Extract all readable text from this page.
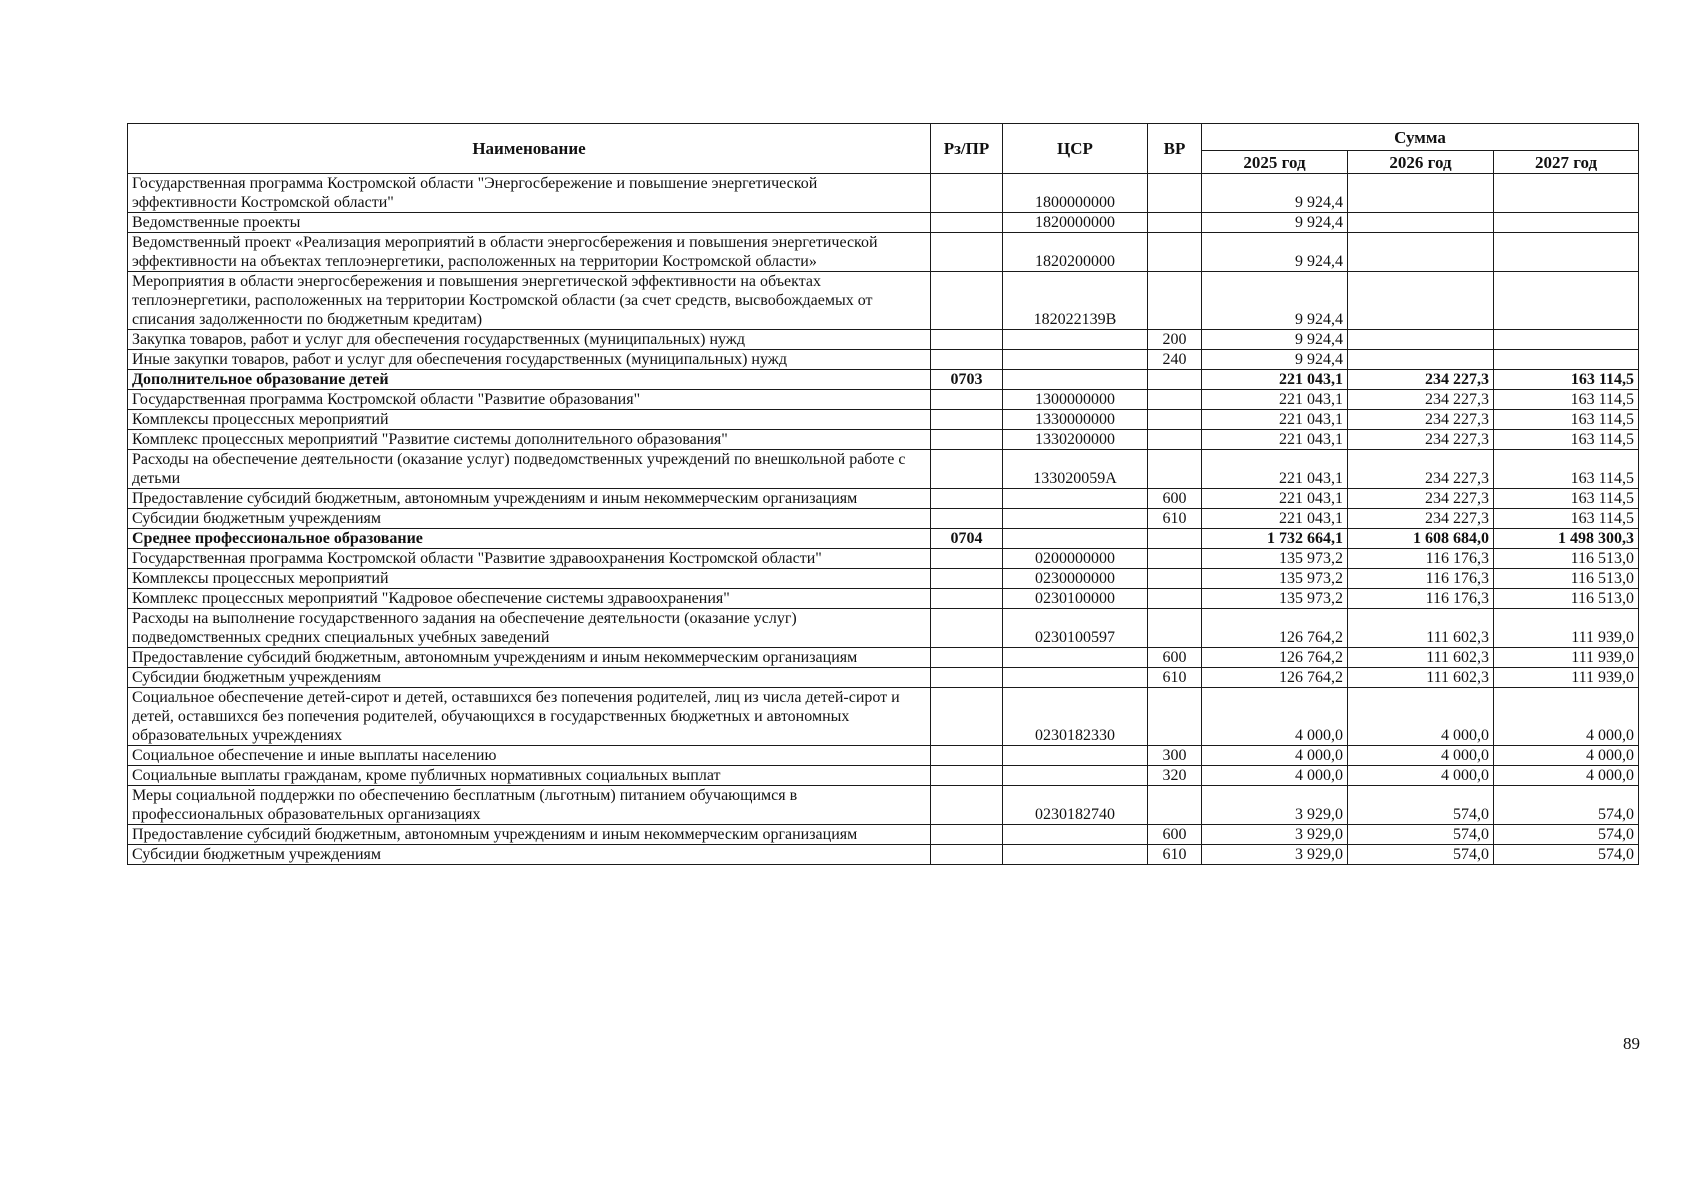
Наименование	Рз/ПР	ЦСР	ВР	Сумма		
				2025 год	2026 год	2027 год
Государственная программа Костромской области "Энергосбережение и повышение энергетической эффективности Костромской области"		1800000000		9 924,4		
Ведомственные проекты		1820000000		9 924,4		
Ведомственный проект «Реализация мероприятий в области энергосбережения и повышения энергетической эффективности на объектах теплоэнергетики, расположенных на территории Костромской области»		1820200000		9 924,4		
Мероприятия в области энергосбережения и повышения энергетической эффективности на объектах теплоэнергетики, расположенных на территории Костромской области (за счет средств, высвобождаемых от списания задолженности по бюджетным кредитам)		182022139В		9 924,4		
Закупка товаров, работ и услуг для обеспечения государственных (муниципальных) нужд			200	9 924,4		
Иные закупки товаров, работ и услуг для обеспечения государственных (муниципальных) нужд			240	9 924,4		
Дополнительное образование детей	0703			221 043,1	234 227,3	163 114,5
Государственная программа Костромской области "Развитие образования"		1300000000		221 043,1	234 227,3	163 114,5
Комплексы процессных мероприятий		1330000000		221 043,1	234 227,3	163 114,5
Комплекс процессных мероприятий "Развитие системы дополнительного образования"		1330200000		221 043,1	234 227,3	163 114,5
Расходы на обеспечение деятельности (оказание услуг) подведомственных учреждений по внешкольной работе с детьми		133020059А		221 043,1	234 227,3	163 114,5
Предоставление субсидий бюджетным, автономным учреждениям и иным некоммерческим организациям			600	221 043,1	234 227,3	163 114,5
Субсидии бюджетным учреждениям			610	221 043,1	234 227,3	163 114,5
Среднее профессиональное образование	0704			1 732 664,1	1 608 684,0	1 498 300,3
Государственная программа Костромской области "Развитие здравоохранения Костромской области"		0200000000		135 973,2	116 176,3	116 513,0
Комплексы процессных мероприятий		0230000000		135 973,2	116 176,3	116 513,0
Комплекс процессных мероприятий "Кадровое обеспечение системы здравоохранения"		0230100000		135 973,2	116 176,3	116 513,0
Расходы на выполнение государственного задания на обеспечение деятельности (оказание услуг) подведомственных средних специальных учебных заведений		0230100597		126 764,2	111 602,3	111 939,0
Предоставление субсидий бюджетным, автономным учреждениям и иным некоммерческим организациям			600	126 764,2	111 602,3	111 939,0
Субсидии бюджетным учреждениям			610	126 764,2	111 602,3	111 939,0
Социальное обеспечение детей-сирот и детей, оставшихся без попечения родителей, лиц из числа детей-сирот и детей, оставшихся без попечения родителей, обучающихся в государственных бюджетных и автономных образовательных учреждениях		0230182330		4 000,0	4 000,0	4 000,0
Социальное обеспечение и иные выплаты населению			300	4 000,0	4 000,0	4 000,0
Социальные выплаты гражданам, кроме публичных нормативных социальных выплат			320	4 000,0	4 000,0	4 000,0
Меры социальной поддержки по обеспечению бесплатным (льготным) питанием обучающимся в профессиональных образовательных организациях		0230182740		3 929,0	574,0	574,0
Предоставление субсидий бюджетным, автономным учреждениям и иным некоммерческим организациям			600	3 929,0	574,0	574,0
Субсидии бюджетным учреждениям			610	3 929,0	574,0	574,0
89
